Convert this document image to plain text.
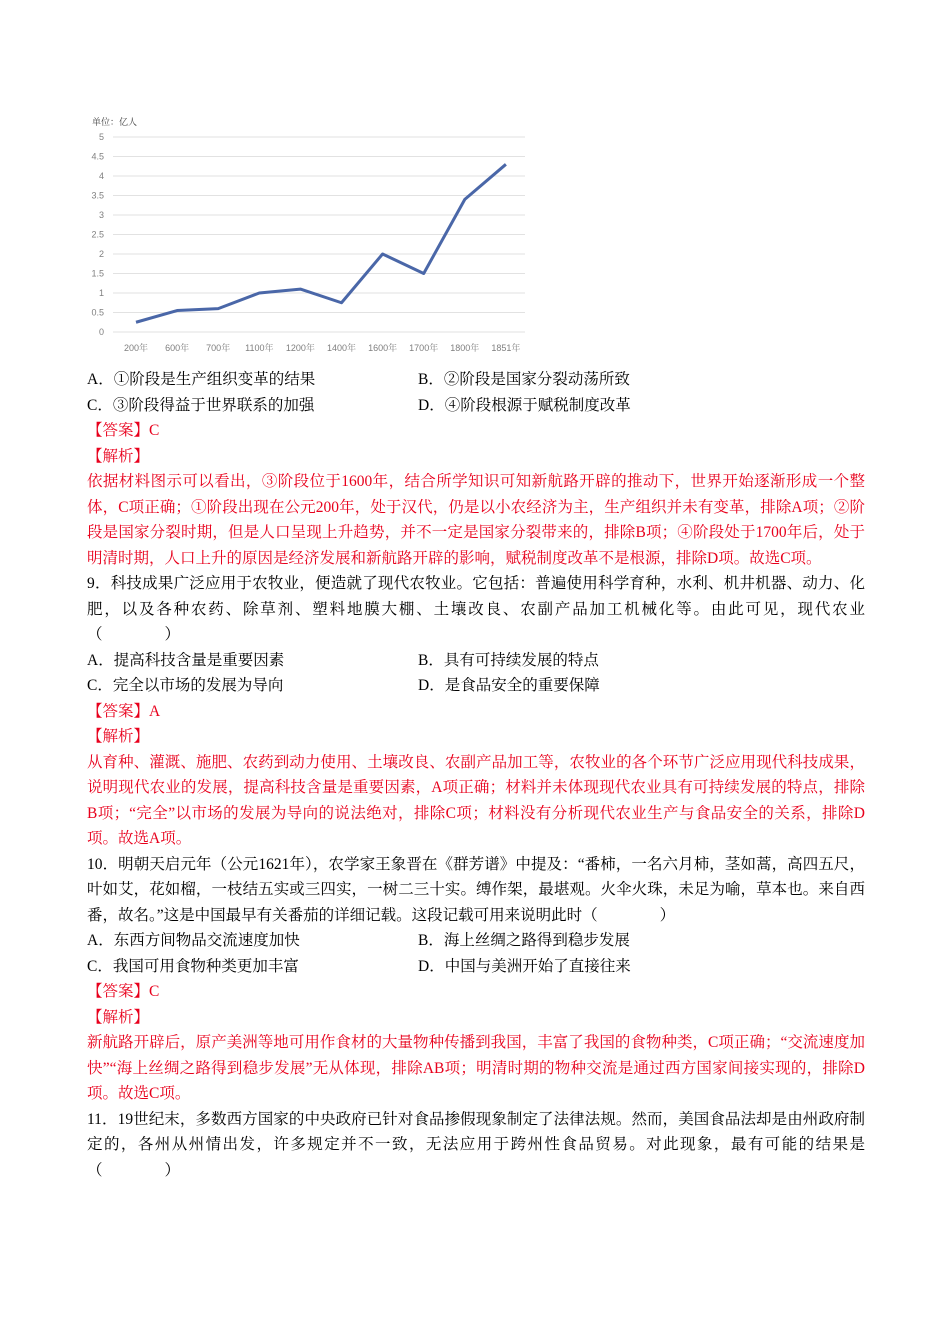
单位：亿人
0
0.5
1
1.5
2
2.5
3
3.5
4
4.5
5
200年 600年 700年 1100年 1200年 1400年 1600年 1700年 1800年 1851年
A．①阶段是生产组织变革的结果	B．②阶段是国家分裂动荡所致
C．③阶段得益于世界联系的加强	D．④阶段根源于赋税制度改革
【答案】C
【解析】
依据材料图示可以看出，③阶段位于1600年，结合所学知识可知新航路开辟的推动下，世界开始逐渐形成一个整体，C项正确；①阶段出现在公元200年，处于汉代，仍是以小农经济为主，生产组织并未有变革，排除A项；②阶段是国家分裂时期，但是人口呈现上升趋势，并不一定是国家分裂带来的，排除B项；④阶段处于1700年后，处于明清时期，人口上升的原因是经济发展和新航路开辟的影响，赋税制度改革不是根源，排除D项。故选C项。
9．科技成果广泛应用于农牧业，便造就了现代农牧业。它包括：普遍使用科学育种，水利、机井机器、动力、化肥，以及各种农药、除草剂、塑料地膜大棚、土壤改良、农副产品加工机械化等。由此可见，现代农业（　　　　）
A．提高科技含量是重要因素	B．具有可持续发展的特点
C．完全以市场的发展为导向	D．是食品安全的重要保障
【答案】A
【解析】
从育种、灌溉、施肥、农药到动力使用、土壤改良、农副产品加工等，农牧业的各个环节广泛应用现代科技成果，说明现代农业的发展，提高科技含量是重要因素，A项正确；材料并未体现现代农业具有可持续发展的特点，排除B项；“完全”以市场的发展为导向的说法绝对，排除C项；材料没有分析现代农业生产与食品安全的关系，排除D项。故选A项。
10．明朝天启元年（公元1621年），农学家王象晋在《群芳谱》中提及：“番柿，一名六月柿，茎如蒿，高四五尺，叶如艾，花如榴，一枝结五实或三四实，一树二三十实。缚作架，最堪观。火伞火珠，未足为喻，草本也。来自西番，故名。”这是中国最早有关番茄的详细记载。这段记载可用来说明此时（　　　　）
A．东西方间物品交流速度加快	B．海上丝绸之路得到稳步发展
C．我国可用食物种类更加丰富	D．中国与美洲开始了直接往来
【答案】C
【解析】
新航路开辟后，原产美洲等地可用作食材的大量物种传播到我国，丰富了我国的食物种类，C项正确；“交流速度加快”“海上丝绸之路得到稳步发展”无从体现，排除AB项；明清时期的物种交流是通过西方国家间接实现的，排除D项。故选C项。
11．19世纪末，多数西方国家的中央政府已针对食品掺假现象制定了法律法规。然而，美国食品法却是由州政府制定的，各州从州情出发，许多规定并不一致，无法应用于跨州性食品贸易。对此现象，最有可能的结果是（　　　　）
